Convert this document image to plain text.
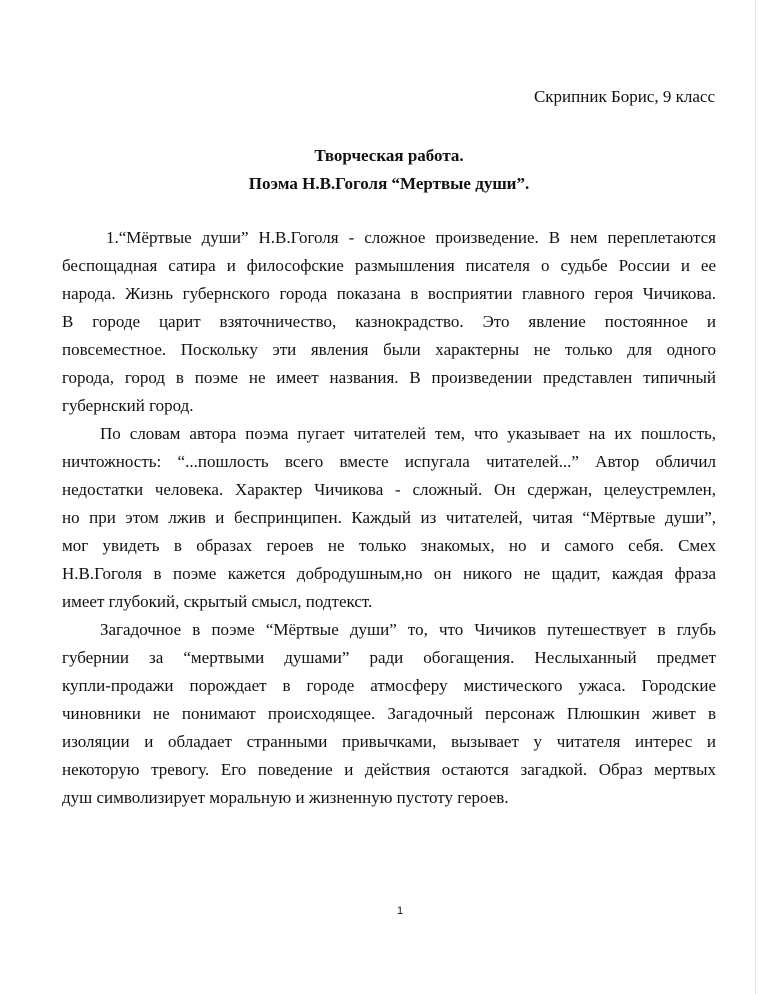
Скрипник Борис, 9 класс
Творческая работа.
Поэма Н.В.Гоголя “Мертвые души”.

1.“Мёртвые души” Н.В.Гоголя - сложное произведение. В нем переплетаются
беспощадная сатира и философские размышления писателя о судьбе России и ее
народа. Жизнь губернского города показана в восприятии главного героя Чичикова.
В городе царит взяточничество, казнокрадство. Это явление постоянное и
повсеместное. Поскольку эти явления были характерны не только для одного
города, город в поэме не имеет названия. В произведении представлен типичный
губернский город.

По словам автора поэма пугает читателей тем, что указывает на их пошлость,
ничтожность: “...пошлость всего вместе испугала читателей...” Автор обличил
недостатки человека. Характер Чичикова - сложный. Он сдержан, целеустремлен,
но при этом лжив и беспринципен. Каждый из читателей, читая “Мёртвые души”,
мог увидеть в образах героев не только знакомых, но и самого себя. Смех
Н.В.Гоголя в поэме кажется добродушным,но он никого не щадит, каждая фраза
имеет глубокий, скрытый смысл, подтекст.

Загадочное в поэме “Мёртвые души” то, что Чичиков путешествует в глубь
губернии за “мертвыми душами” ради обогащения. Неслыханный предмет
купли-продажи порождает в городе атмосферу мистического ужаса. Городские
чиновники не понимают происходящее. Загадочный персонаж Плюшкин живет в
изоляции и обладает странными привычками, вызывает у читателя интерес и
некоторую тревогу. Его поведение и действия остаются загадкой. Образ мертвых
душ символизирует моральную и жизненную пустоту героев.

1
